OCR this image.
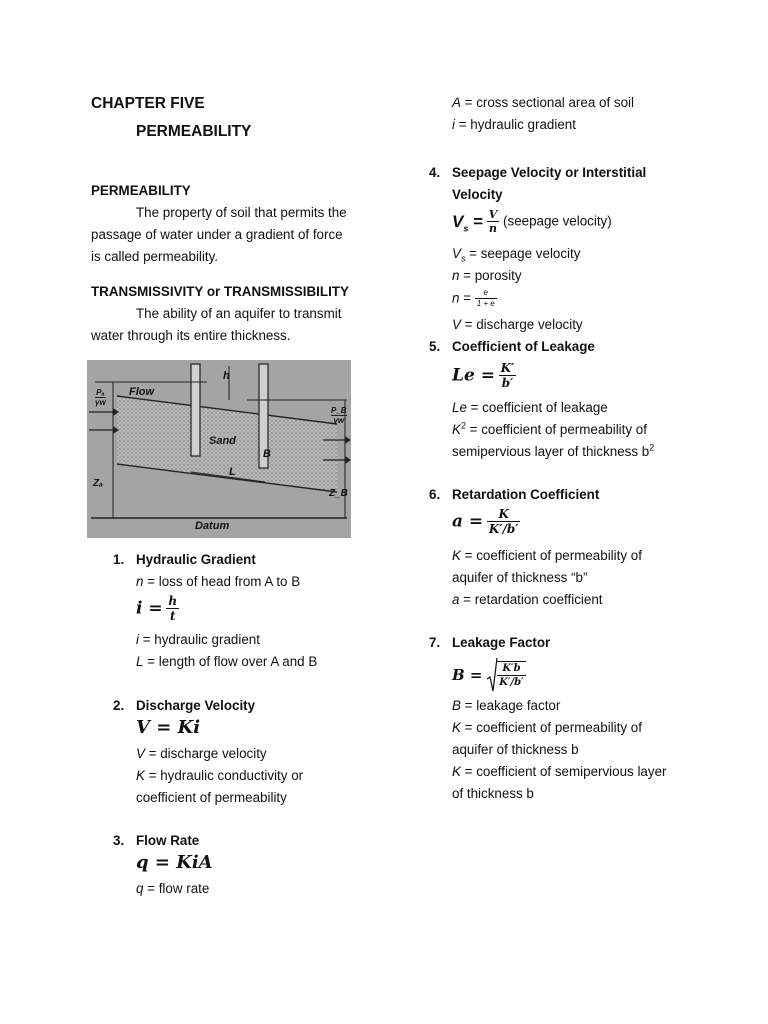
CHAPTER FIVE
PERMEABILITY
PERMEABILITY
The property of soil that permits the
passage of water under a gradient of force
is called permeability.
TRANSMISSIVITY or TRANSMISSIBILITY
The ability of an aquifer to transmit
water through its entire thickness.
Flow
h
Sand
B
L
Zₐ
Z_B
Datum
$\frac{\text{Pₐ}}{\gamma w}$
$\frac{P\_B}{\gamma w}$
1. Hydraulic Gradient
n = loss of head from A to B
$i = \frac{h}{t}$
i = hydraulic gradient
L = length of flow over A and B
2. Discharge Velocity
V = Ki
V = discharge velocity
K = hydraulic conductivity or
coefficient of permeability
3. Flow Rate
q = KiA
q = flow rate
A = cross sectional area of soil
i = hydraulic gradient
4. Seepage Velocity or Interstitial
Velocity
$V_s = \frac{V}{n}$ (seepage velocity)
$V_s$ = seepage velocity
n = porosity
$n = \frac{e}{1 + e}$
V = discharge velocity
5. Coefficient of Leakage
$Le = \frac{K'}{b'}$
Le = coefficient of leakage
$K^2$ = coefficient of permeability of
semipervious layer of thickness $b^2$
6. Retardation Coefficient
$a = \frac{K}{K'/b'}$
K = coefficient of permeability of
aquifer of thickness “b”
a = retardation coefficient
7. Leakage Factor
$B = \frac{K'b}{K'/b'}$
B = leakage factor
K = coefficient of permeability of
aquifer of thickness b
K = coefficient of semipervious layer
of thickness b
